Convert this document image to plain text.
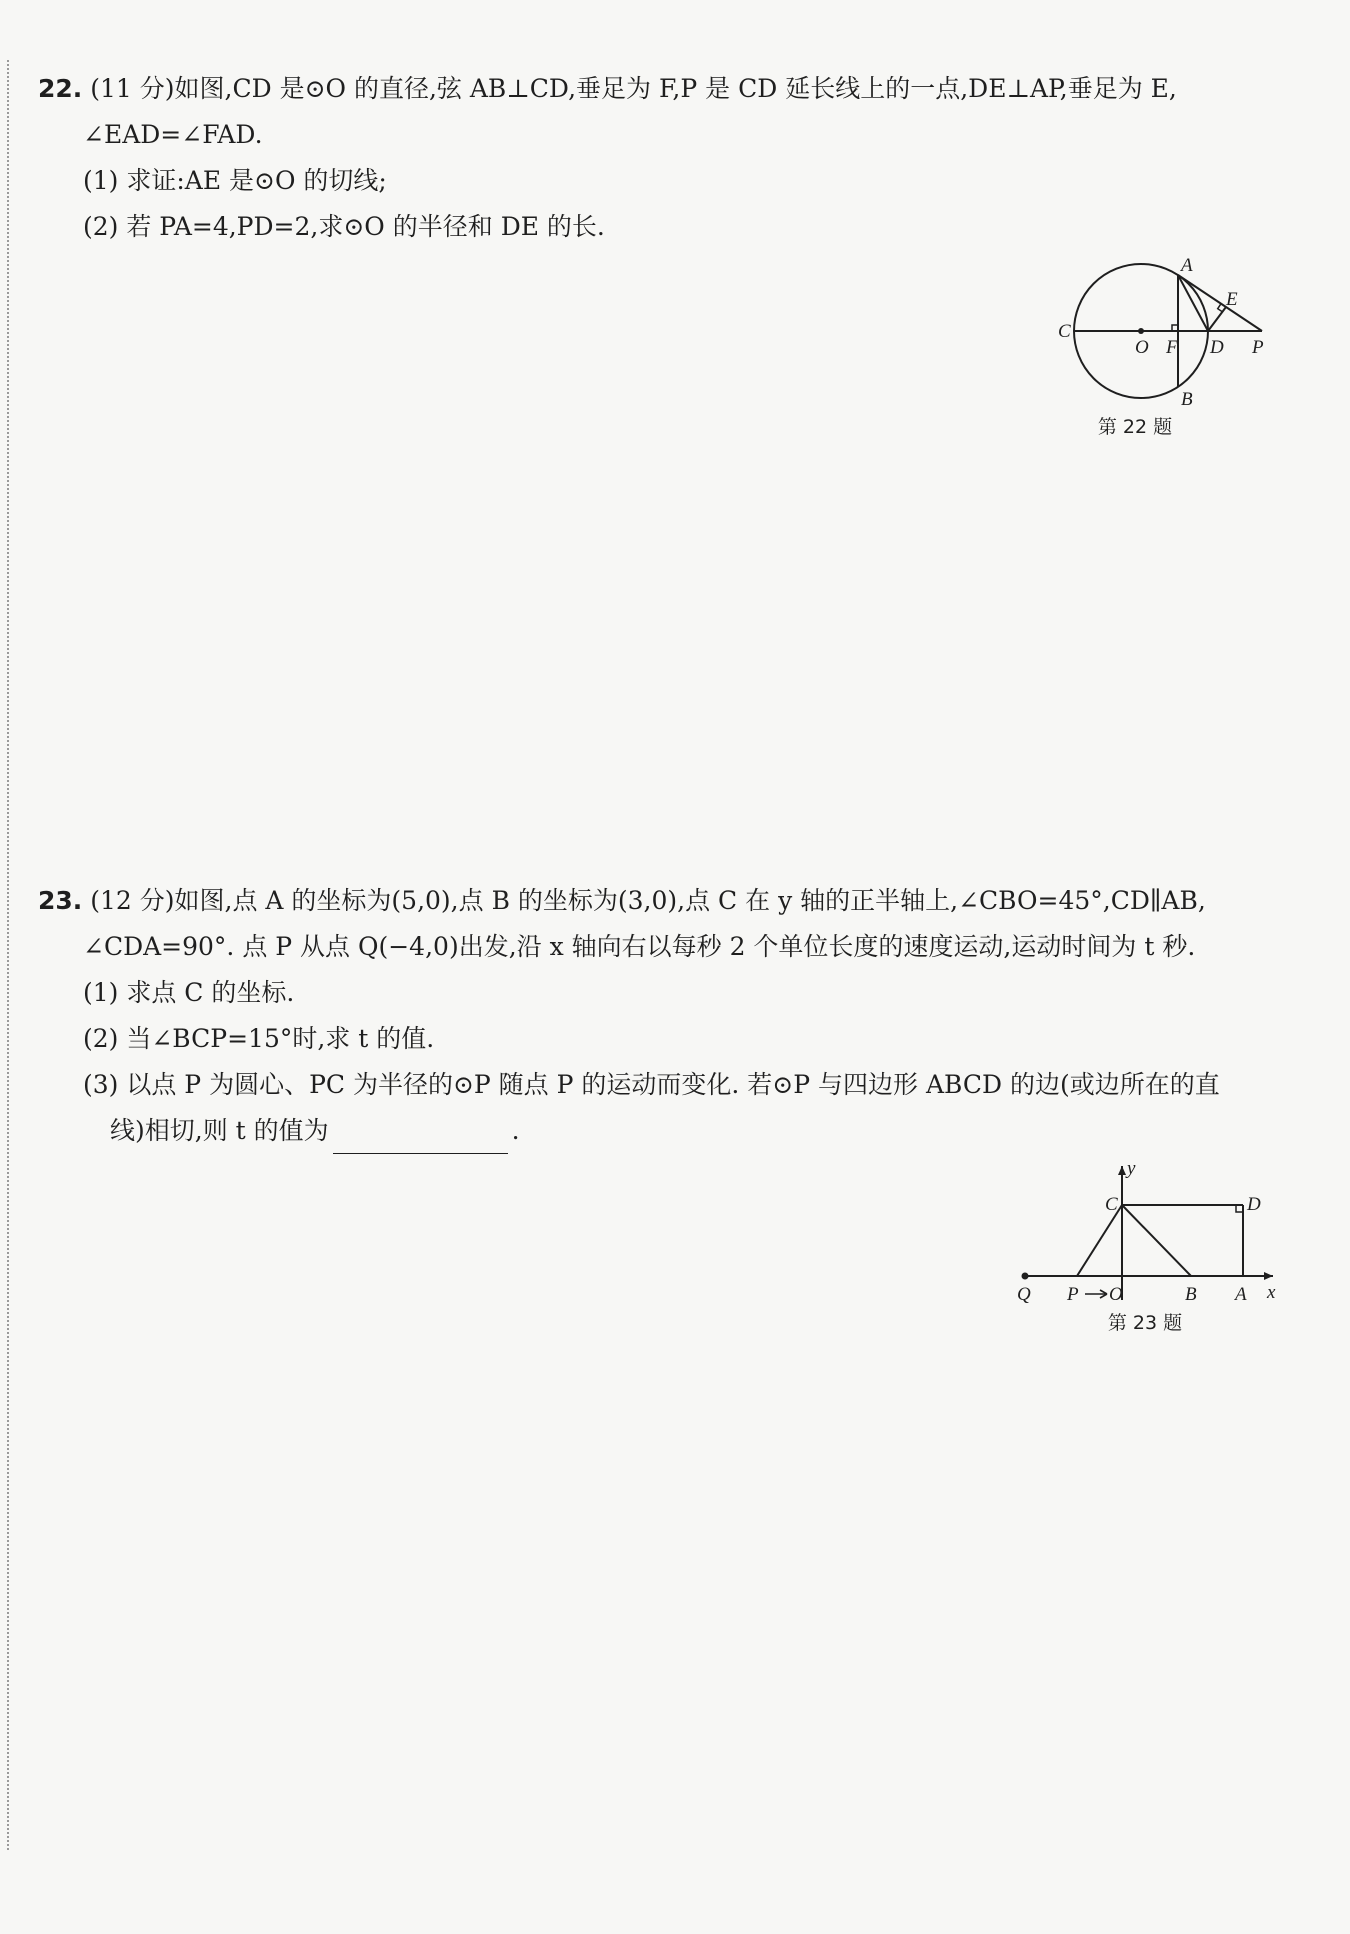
22. (11 分)如图,CD 是⊙O 的直径,弦 AB⊥CD,垂足为 F,P 是 CD 延长线上的一点,DE⊥AP,垂足为 E,
∠EAD=∠FAD.
(1) 求证:AE 是⊙O 的切线;
(2) 若 PA=4,PD=2,求⊙O 的半径和 DE 的长.
A
B
C
D
E
F
O	P
第 22 题
23. (12 分)如图,点 A 的坐标为(5,0),点 B 的坐标为(3,0),点 C 在 y 轴的正半轴上,∠CBO=45°,CD∥AB,
∠CDA=90°. 点 P 从点 Q(−4,0)出发,沿 x 轴向右以每秒 2 个单位长度的速度运动,运动时间为 t 秒.
(1) 求点 C 的坐标.
(2) 当∠BCP=15°时,求 t 的值.
(3) 以点 P 为圆心、PC 为半径的⊙P 随点 P 的运动而变化. 若⊙P 与四边形 ABCD 的边(或边所在的直
线)相切,则 t 的值为	.
Q P O	B A x
y
C	D
第 23 题
